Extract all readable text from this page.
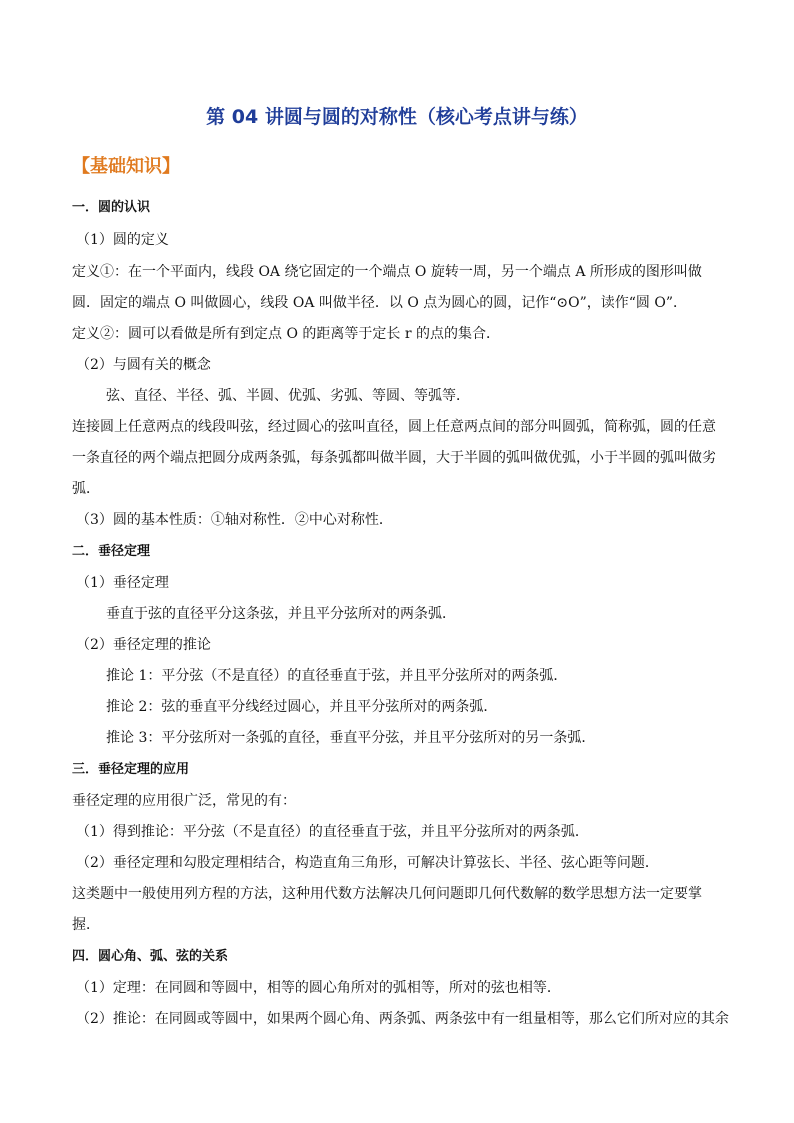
第 04 讲圆与圆的对称性（核心考点讲与练）
【基础知识】
一．圆的认识
（1）圆的定义
定义①：在一个平面内，线段 OA 绕它固定的一个端点 O 旋转一周，另一个端点 A 所形成的图形叫做
圆．固定的端点 O 叫做圆心，线段 OA 叫做半径．以 O 点为圆心的圆，记作“⊙O”，读作“圆 O”．
定义②：圆可以看做是所有到定点 O 的距离等于定长 r 的点的集合．
（2）与圆有关的概念
弦、直径、半径、弧、半圆、优弧、劣弧、等圆、等弧等．
连接圆上任意两点的线段叫弦，经过圆心的弦叫直径，圆上任意两点间的部分叫圆弧，简称弧，圆的任意
一条直径的两个端点把圆分成两条弧，每条弧都叫做半圆，大于半圆的弧叫做优弧，小于半圆的弧叫做劣
弧．
（3）圆的基本性质：①轴对称性．②中心对称性．
二．垂径定理
（1）垂径定理
垂直于弦的直径平分这条弦，并且平分弦所对的两条弧．
（2）垂径定理的推论
推论 1：平分弦（不是直径）的直径垂直于弦，并且平分弦所对的两条弧．
推论 2：弦的垂直平分线经过圆心，并且平分弦所对的两条弧．
推论 3：平分弦所对一条弧的直径，垂直平分弦，并且平分弦所对的另一条弧．
三．垂径定理的应用
垂径定理的应用很广泛，常见的有：
（1）得到推论：平分弦（不是直径）的直径垂直于弦，并且平分弦所对的两条弧．
（2）垂径定理和勾股定理相结合，构造直角三角形，可解决计算弦长、半径、弦心距等问题．
这类题中一般使用列方程的方法，这种用代数方法解决几何问题即几何代数解的数学思想方法一定要掌
握．
四．圆心角、弧、弦的关系
（1）定理：在同圆和等圆中，相等的圆心角所对的弧相等，所对的弦也相等．
（2）推论：在同圆或等圆中，如果两个圆心角、两条弧、两条弦中有一组量相等，那么它们所对应的其余
